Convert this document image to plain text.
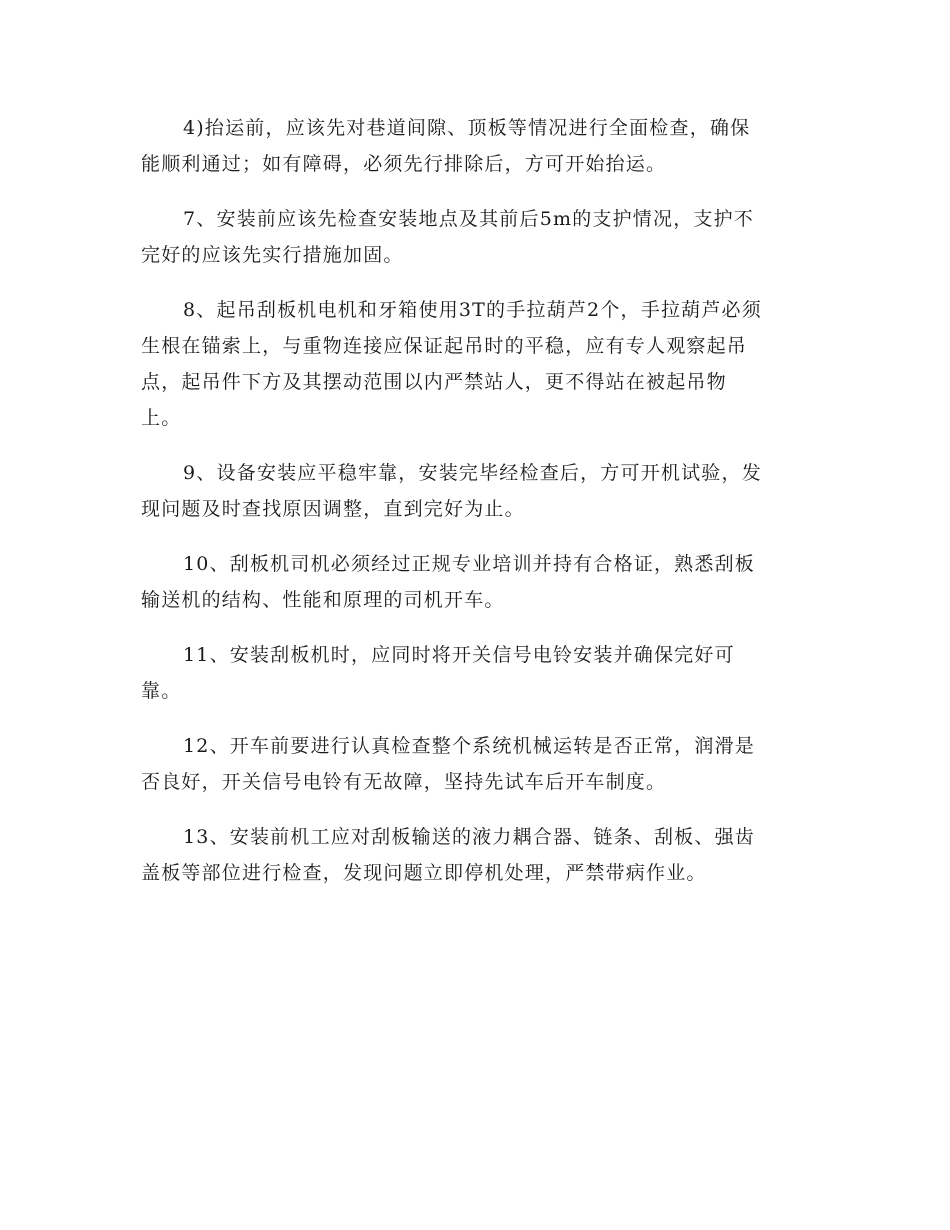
4)抬运前，应该先对巷道间隙、顶板等情况进行全面检查，确保
能顺利通过；如有障碍，必须先行排除后，方可开始抬运。

7、安装前应该先检查安装地点及其前后5m的支护情况，支护不
完好的应该先实行措施加固。

8、起吊刮板机电机和牙箱使用3T的手拉葫芦2个，手拉葫芦必须
生根在锚索上，与重物连接应保证起吊时的平稳，应有专人观察起吊
点，起吊件下方及其摆动范围以内严禁站人，更不得站在被起吊物
上。

9、设备安装应平稳牢靠，安装完毕经检查后，方可开机试验，发
现问题及时查找原因调整，直到完好为止。

10、刮板机司机必须经过正规专业培训并持有合格证，熟悉刮板
输送机的结构、性能和原理的司机开车。

11、安装刮板机时，应同时将开关信号电铃安装并确保完好可
靠。

12、开车前要进行认真检查整个系统机械运转是否正常，润滑是
否良好，开关信号电铃有无故障，坚持先试车后开车制度。

13、安装前机工应对刮板输送的液力耦合器、链条、刮板、强齿
盖板等部位进行检查，发现问题立即停机处理，严禁带病作业。
